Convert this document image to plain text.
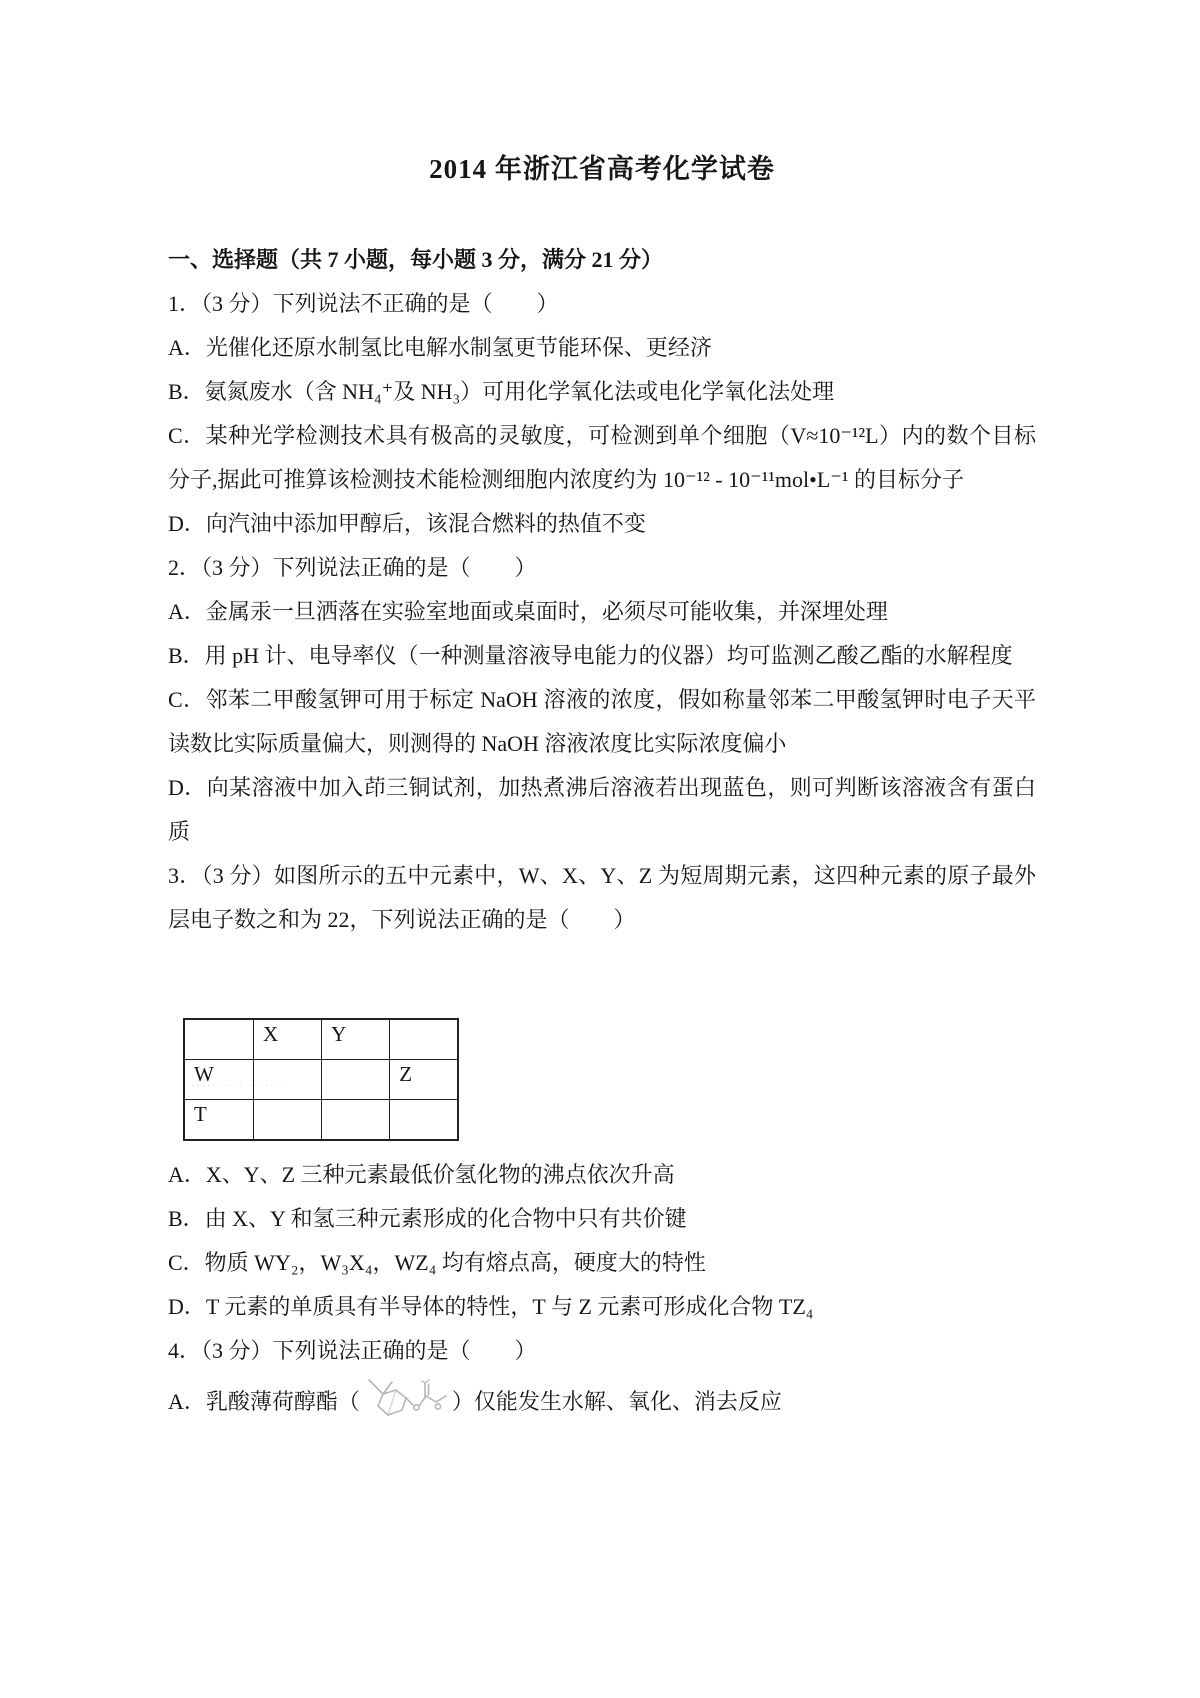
2014 年浙江省高考化学试卷
一、选择题（共 7 小题，每小题 3 分，满分 21 分）

1．（3 分）下列说法不正确的是（　　）

A．光催化还原水制氢比电解水制氢更节能环保、更经济

B．氨氮废水（含 NH₄⁺及 NH₃）可用化学氧化法或电化学氧化法处理

C．某种光学检测技术具有极高的灵敏度，可检测到单个细胞（V≈10⁻¹²L）内的数个目标分子,据此可推算该检测技术能检测细胞内浓度约为 10⁻¹² - 10⁻¹¹mol•L⁻¹ 的目标分子

D．向汽油中添加甲醇后，该混合燃料的热值不变

2．（3 分）下列说法正确的是（　　）

A．金属汞一旦洒落在实验室地面或桌面时，必须尽可能收集，并深埋处理

B．用 pH 计、电导率仪（一种测量溶液导电能力的仪器）均可监测乙酸乙酯的水解程度

C．邻苯二甲酸氢钾可用于标定 NaOH 溶液的浓度，假如称量邻苯二甲酸氢钾时电子天平读数比实际质量偏大，则测得的 NaOH 溶液浓度比实际浓度偏小

D．向某溶液中加入茚三铜试剂，加热煮沸后溶液若出现蓝色，则可判断该溶液含有蛋白质

3．（3 分）如图所示的五中元素中，W、X、Y、Z 为短周期元素，这四种元素的原子最外层电子数之和为 22，下列说法正确的是（　　）

	X	Y	
W			Z
T			
·········· ·······

A．X、Y、Z 三种元素最低价氢化物的沸点依次升高

B．由 X、Y 和氢三种元素形成的化合物中只有共价键

C．物质 WY₂，W₃X₄，WZ₄ 均有熔点高，硬度大的特性

D．T 元素的单质具有半导体的特性，T 与 Z 元素可形成化合物 TZ₄

4．（3 分）下列说法正确的是（　　）

A．乳酸薄荷醇酯（	）仅能发生水解、氧化、消去反应
